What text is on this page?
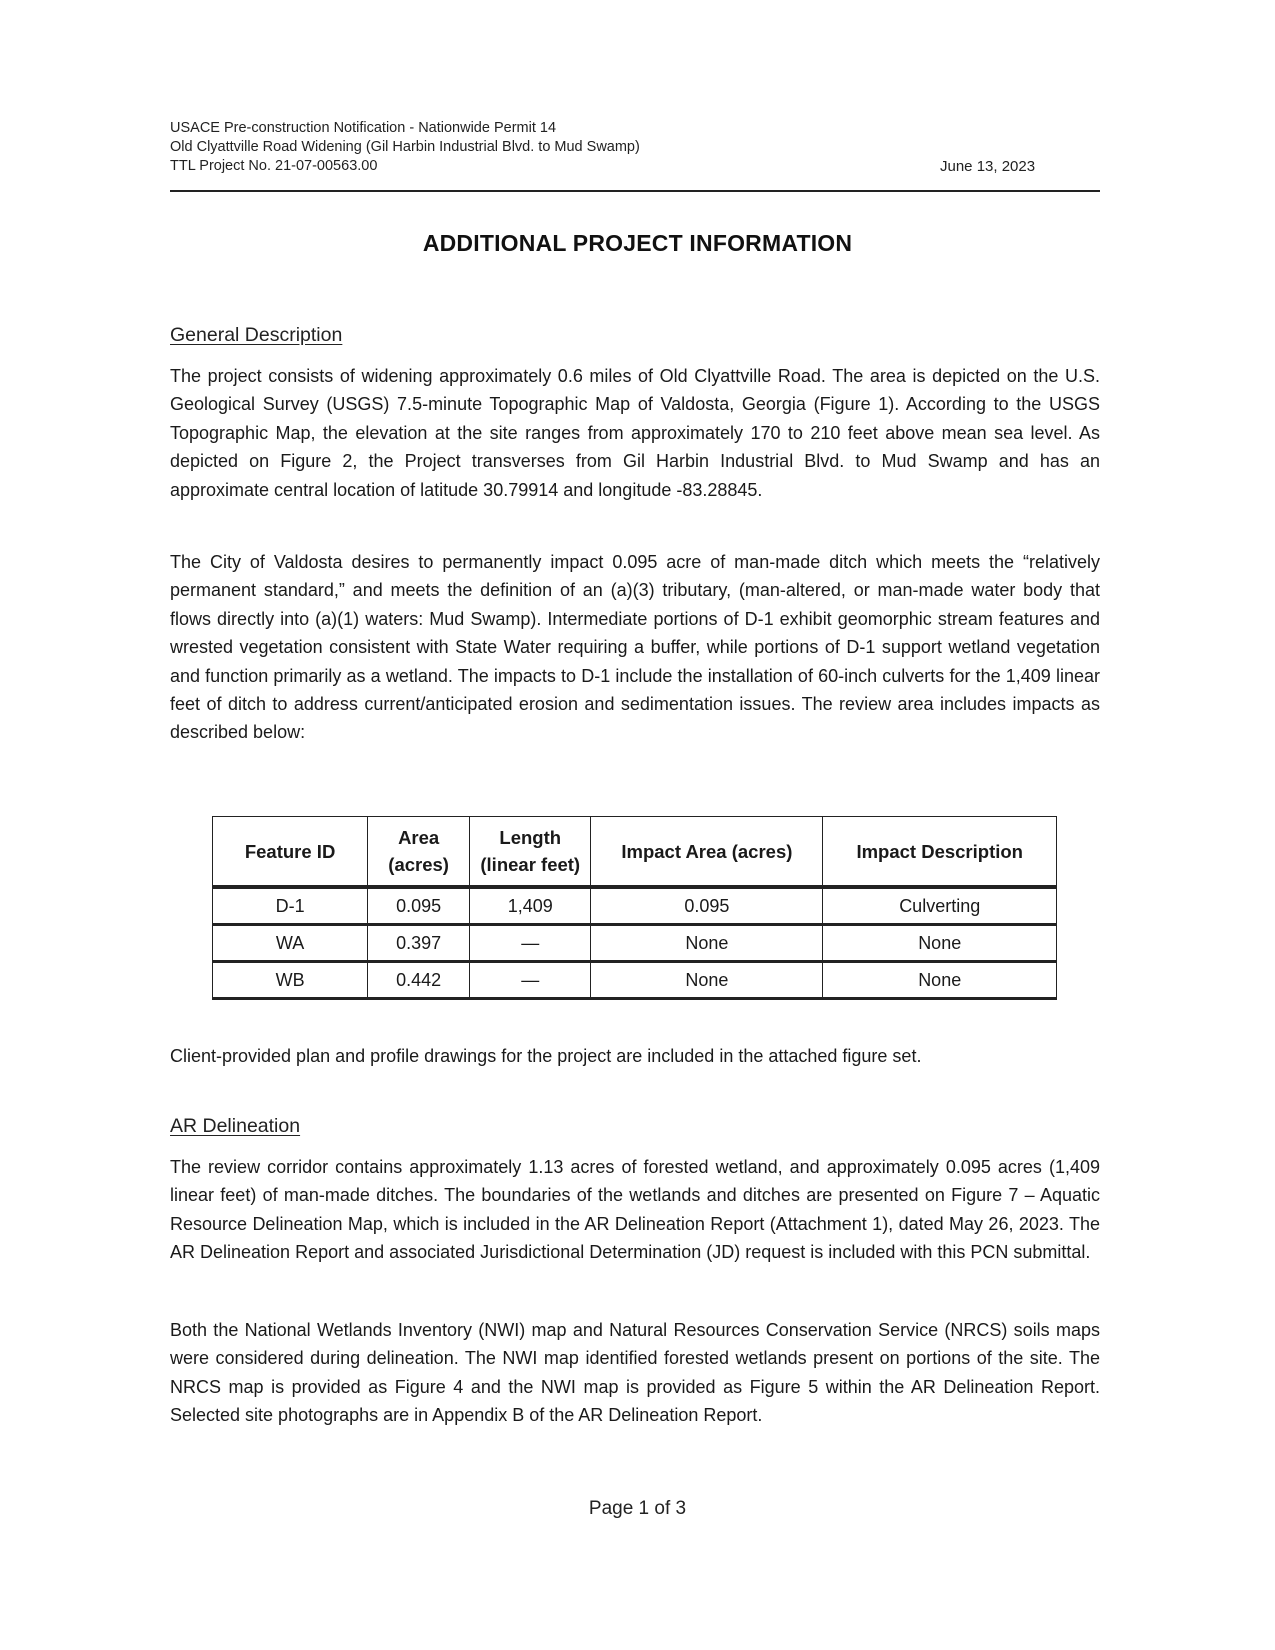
USACE Pre-construction Notification - Nationwide Permit 14
Old Clyattville Road Widening (Gil Harbin Industrial Blvd. to Mud Swamp)
TTL Project No. 21-07-00563.00	June 13, 2023
ADDITIONAL PROJECT INFORMATION
General Description

The project consists of widening approximately 0.6 miles of Old Clyattville Road. The area is depicted on the U.S. Geological Survey (USGS) 7.5-minute Topographic Map of Valdosta, Georgia (Figure 1). According to the USGS Topographic Map, the elevation at the site ranges from approximately 170 to 210 feet above mean sea level. As depicted on Figure 2, the Project transverses from Gil Harbin Industrial Blvd. to Mud Swamp and has an approximate central location of latitude 30.79914 and longitude -83.28845.

The City of Valdosta desires to permanently impact 0.095 acre of man-made ditch which meets the “relatively permanent standard,” and meets the definition of an (a)(3) tributary, (man-altered, or man-made water body that flows directly into (a)(1) waters: Mud Swamp). Intermediate portions of D-1 exhibit geomorphic stream features and wrested vegetation consistent with State Water requiring a buffer, while portions of D-1 support wetland vegetation and function primarily as a wetland. The impacts to D-1 include the installation of 60-inch culverts for the 1,409 linear feet of ditch to address current/anticipated erosion and sedimentation issues. The review area includes impacts as described below:

Feature ID	Area (acres)	Length (linear feet)	Impact Area (acres)	Impact Description
D-1	0.095	1,409	0.095	Culverting
WA	0.397	—	None	None
WB	0.442	—	None	None

Client-provided plan and profile drawings for the project are included in the attached figure set.

AR Delineation

The review corridor contains approximately 1.13 acres of forested wetland, and approximately 0.095 acres (1,409 linear feet) of man-made ditches. The boundaries of the wetlands and ditches are presented on Figure 7 – Aquatic Resource Delineation Map, which is included in the AR Delineation Report (Attachment 1), dated May 26, 2023. The AR Delineation Report and associated Jurisdictional Determination (JD) request is included with this PCN submittal.

Both the National Wetlands Inventory (NWI) map and Natural Resources Conservation Service (NRCS) soils maps were considered during delineation. The NWI map identified forested wetlands present on portions of the site. The NRCS map is provided as Figure 4 and the NWI map is provided as Figure 5 within the AR Delineation Report. Selected site photographs are in Appendix B of the AR Delineation Report.

Page 1 of 3
